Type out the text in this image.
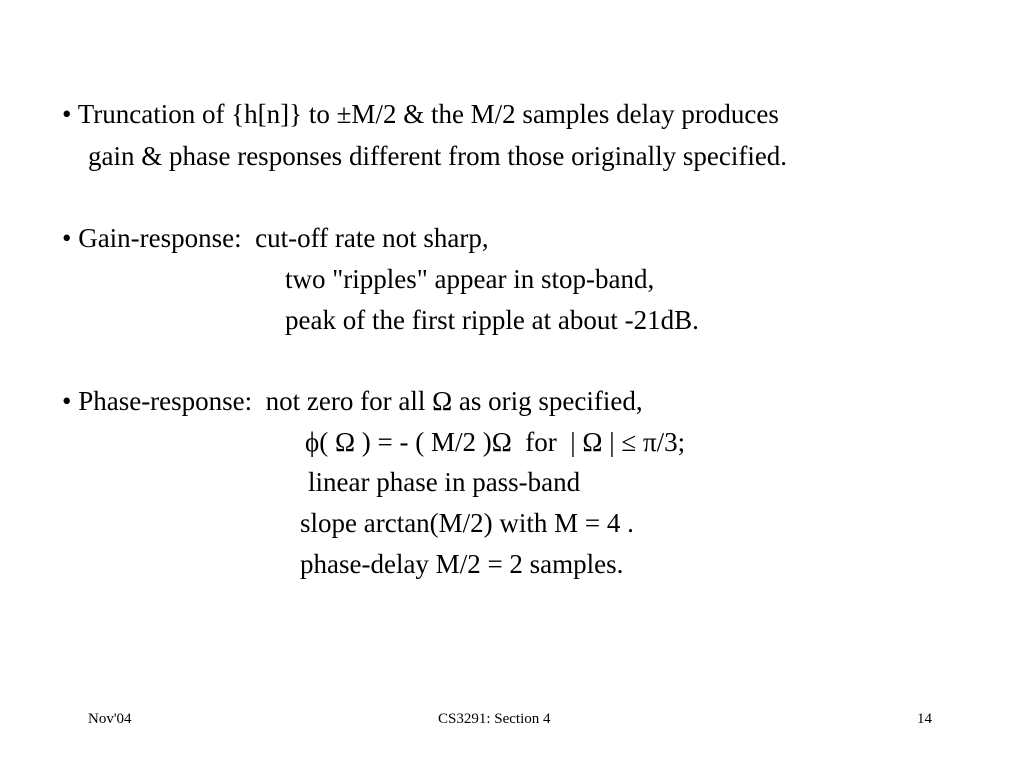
• Truncation of {h[n]} to ±M/2 & the M/2 samples delay produces
gain & phase responses different from those originally specified.
• Gain-response:  cut-off rate not sharp,
two "ripples" appear in stop-band,
peak of the first ripple at about -21dB.
• Phase-response:  not zero for all Ω as orig specified,
ϕ( Ω ) = - ( M/2 )Ω  for  | Ω | ≤ π/3;
linear phase in pass-band
slope arctan(M/2) with M = 4 .
phase-delay M/2 = 2 samples.
Nov'04	CS3291: Section 4	14
